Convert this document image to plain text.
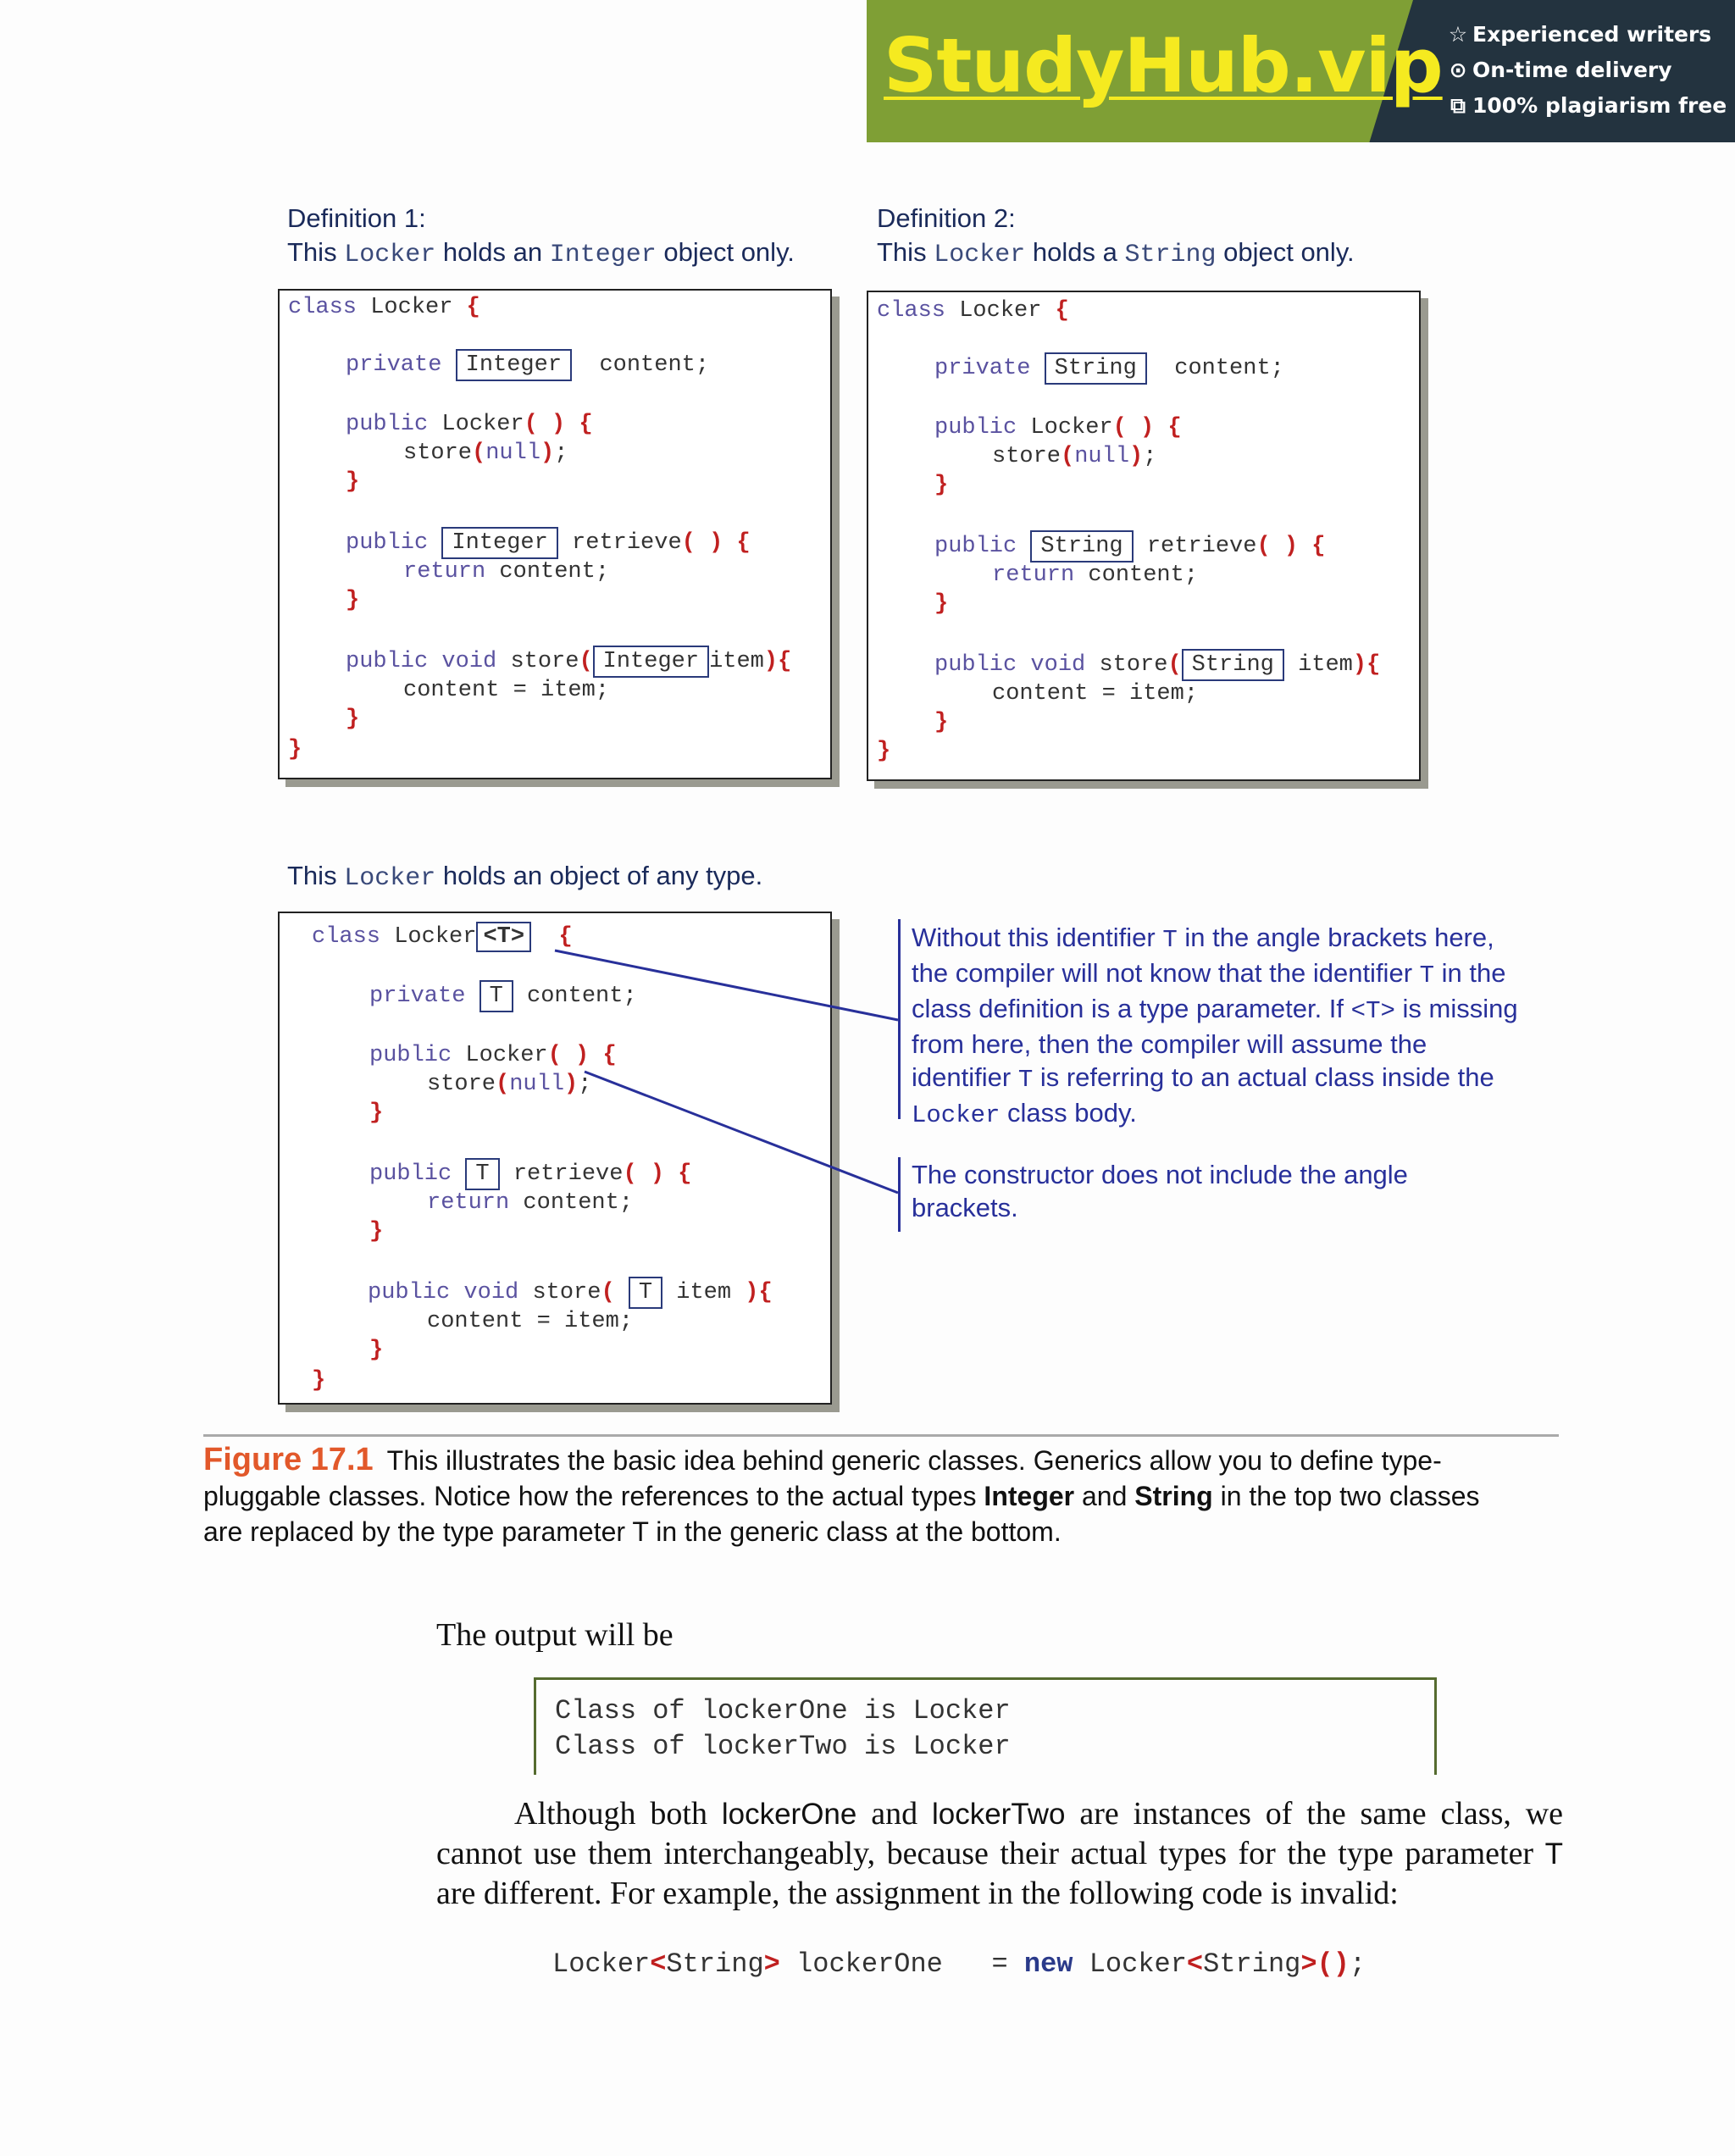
StudyHub.vip ☆ Experienced writers
⊙ On-time delivery
⧉ 100% plagiarism free
Definition 1:
This Locker holds an Integer object only.
Definition 2:
This Locker holds a String object only.
class Locker {
private Integer content;
public Locker( ) {
store(null);
}
public Integer retrieve( ) {
return content;
}
public void store( Integer item){
content = item;
}
}
class Locker {
private String content;
public Locker( ) {
store(null);
}
public String retrieve( ) {
return content;
}
public void store( String item){
content = item;
}
}
This Locker holds an object of any type.
class Locker <T> {
private T content;
public Locker( ) {
store(null);
}
public T retrieve( ) {
return content;
}
public void store( T item ){
content = item;
}
}
Without this identifier T in the angle brackets here, the compiler will not know that the identifier T in the class definition is a type parameter. If <T> is missing from here, then the compiler will assume the identifier T is referring to an actual class inside the Locker class body.
The constructor does not include the angle brackets.
Figure 17.1 This illustrates the basic idea behind generic classes. Generics allow you to define type-pluggable classes. Notice how the references to the actual types Integer and String in the top two classes are replaced by the type parameter T in the generic class at the bottom.
The output will be
Class of lockerOne is Locker
Class of lockerTwo is Locker
Although both lockerOne and lockerTwo are instances of the same class, we cannot use them interchangeably, because their actual types for the type parameter T are different. For example, the assignment in the following code is invalid:
Locker<String> lockerOne = new Locker<String>();
